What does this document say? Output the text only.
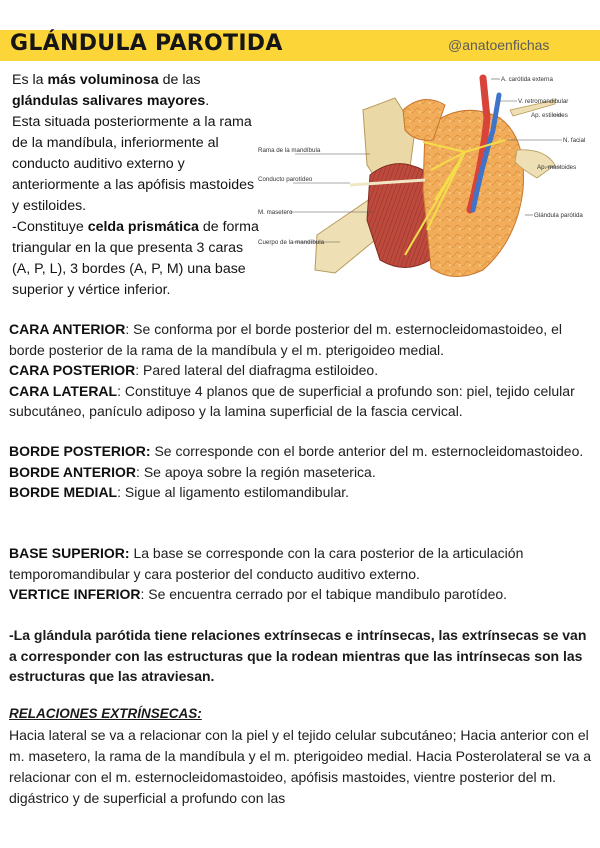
GLÁNDULA PAROTIDA	@anatoenfichas
Es la más voluminosa de las glándulas salivares mayores.
Esta situada posteriormente a la rama de la mandíbula, inferiormente al conducto auditivo externo y anteriormente a las apófisis mastoides y estiloides.
-Constituye celda prismática de forma triangular en la que presenta 3 caras (A, P, L), 3 bordes (A, P, M) una base superior y vértice inferior.
A. carótida externa
V. retromandibular
Ap. estiloides
N. facial
Ap. mastoides
Glándula parótida
Rama de la mandíbula
Conducto parotídeo
M. masetero
Cuerpo de la mandíbula
CARA ANTERIOR: Se conforma por el borde posterior del m. esternocleidomastoideo, el borde posterior de la rama de la mandíbula y el m. pterigoideo medial.
CARA POSTERIOR: Pared lateral del diafragma estiloideo.
CARA LATERAL: Constituye 4 planos que de superficial a profundo son: piel, tejido celular subcutáneo, panículo adiposo y la lamina superficial de la fascia cervical.
BORDE POSTERIOR: Se corresponde con el borde anterior del m. esternocleidomastoideo.
BORDE ANTERIOR: Se apoya sobre la región maseterica.
BORDE MEDIAL: Sigue al ligamento estilomandibular.
BASE SUPERIOR: La base se corresponde con la cara posterior de la articulación temporomandibular y cara posterior del conducto auditivo externo.
VERTICE INFERIOR: Se encuentra cerrado por el tabique mandibulo parotídeo.
-La glándula parótida tiene relaciones extrínsecas e intrínsecas, las extrínsecas se van a corresponder con las estructuras que la rodean mientras que las intrínsecas son las estructuras que las atraviesan.
RELACIONES EXTRÍNSECAS:
Hacia lateral se va a relacionar con la piel y el tejido celular subcutáneo; Hacia anterior con el m. masetero, la rama de la mandíbula y el m. pterigoideo medial. Hacia Posterolateral se va a relacionar con el m. esternocleidomastoideo, apófisis mastoides, vientre posterior del m. digástrico y de superficial a profundo con las
